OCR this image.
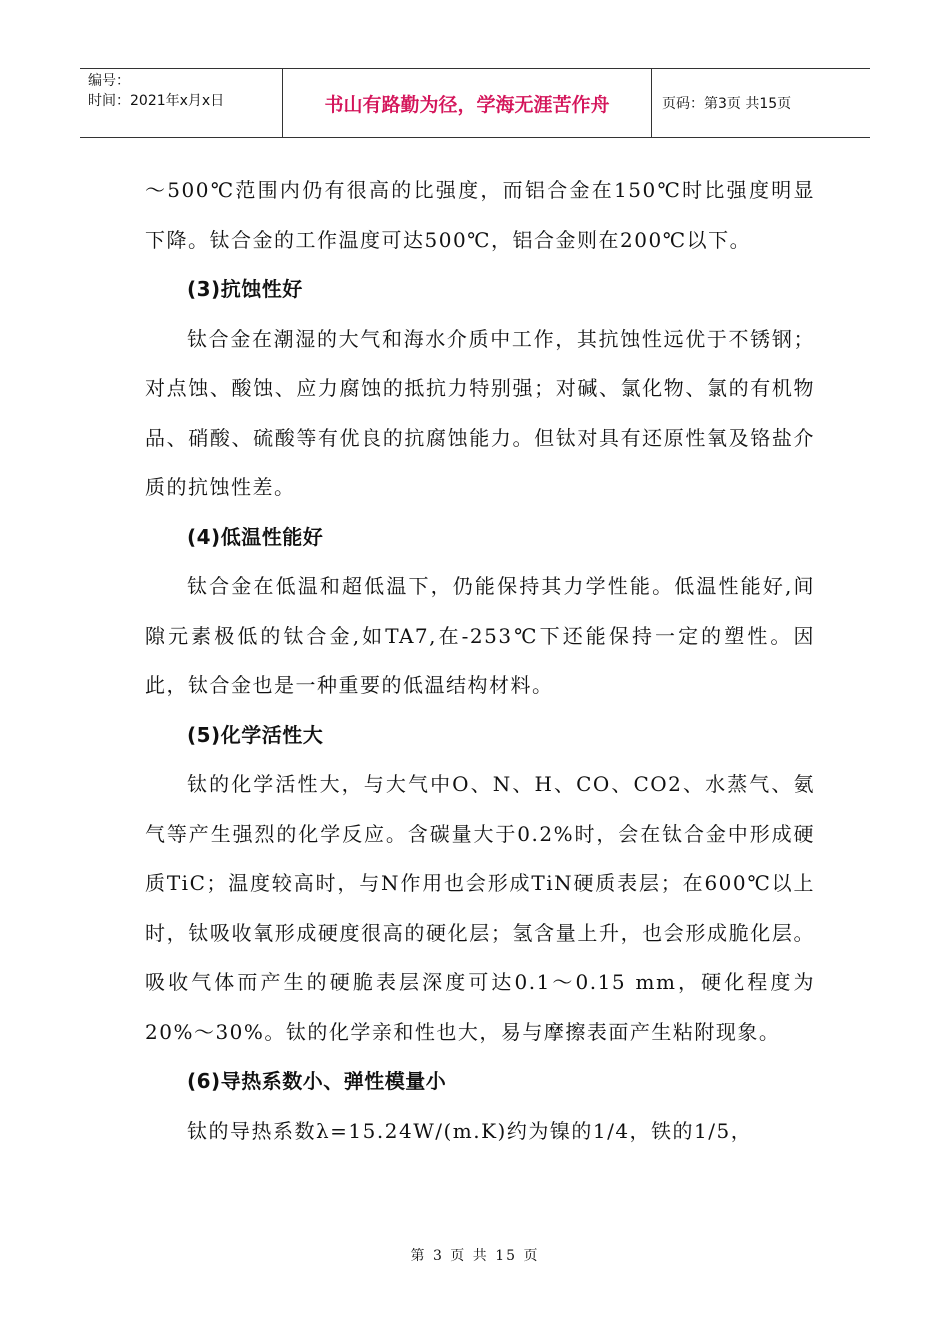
编号：
时间：2021年x月x日	书山有路勤为径，学海无涯苦作舟	页码：第3页 共15页

～500℃范围内仍有很高的比强度，而铝合金在150℃时比强度明显下降。钛合金的工作温度可达500℃，铝合金则在200℃以下。

(3)抗蚀性好

钛合金在潮湿的大气和海水介质中工作，其抗蚀性远优于不锈钢；对点蚀、酸蚀、应力腐蚀的抵抗力特别强；对碱、氯化物、氯的有机物品、硝酸、硫酸等有优良的抗腐蚀能力。但钛对具有还原性氧及铬盐介质的抗蚀性差。

(4)低温性能好

钛合金在低温和超低温下，仍能保持其力学性能。低温性能好,间隙元素极低的钛合金,如TA7,在-253℃下还能保持一定的塑性。因此，钛合金也是一种重要的低温结构材料。

(5)化学活性大

钛的化学活性大，与大气中O、N、H、CO、CO2、水蒸气、氨气等产生强烈的化学反应。含碳量大于0.2%时，会在钛合金中形成硬质TiC；温度较高时，与N作用也会形成TiN硬质表层；在600℃以上时，钛吸收氧形成硬度很高的硬化层；氢含量上升，也会形成脆化层。吸收气体而产生的硬脆表层深度可达0.1～0.15 mm，硬化程度为20%～30%。钛的化学亲和性也大，易与摩擦表面产生粘附现象。

(6)导热系数小、弹性模量小

钛的导热系数λ=15.24W/(m.K)约为镍的1/4，铁的1/5，

第 3 页 共 15 页
